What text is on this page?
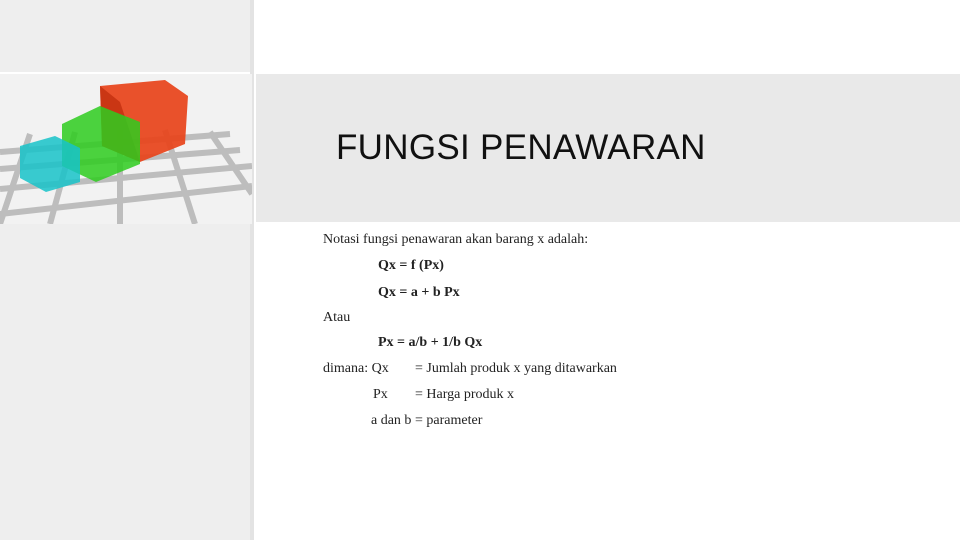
FUNGSI PENAWARAN
Notasi fungsi penawaran akan barang x adalah:
Qx = f (Px)
Qx = a + b Px
Atau
Px = a/b + 1/b Qx
dimana: Qx = Jumlah produk x yang ditawarkan
Px = Harga produk x
a dan b = parameter
